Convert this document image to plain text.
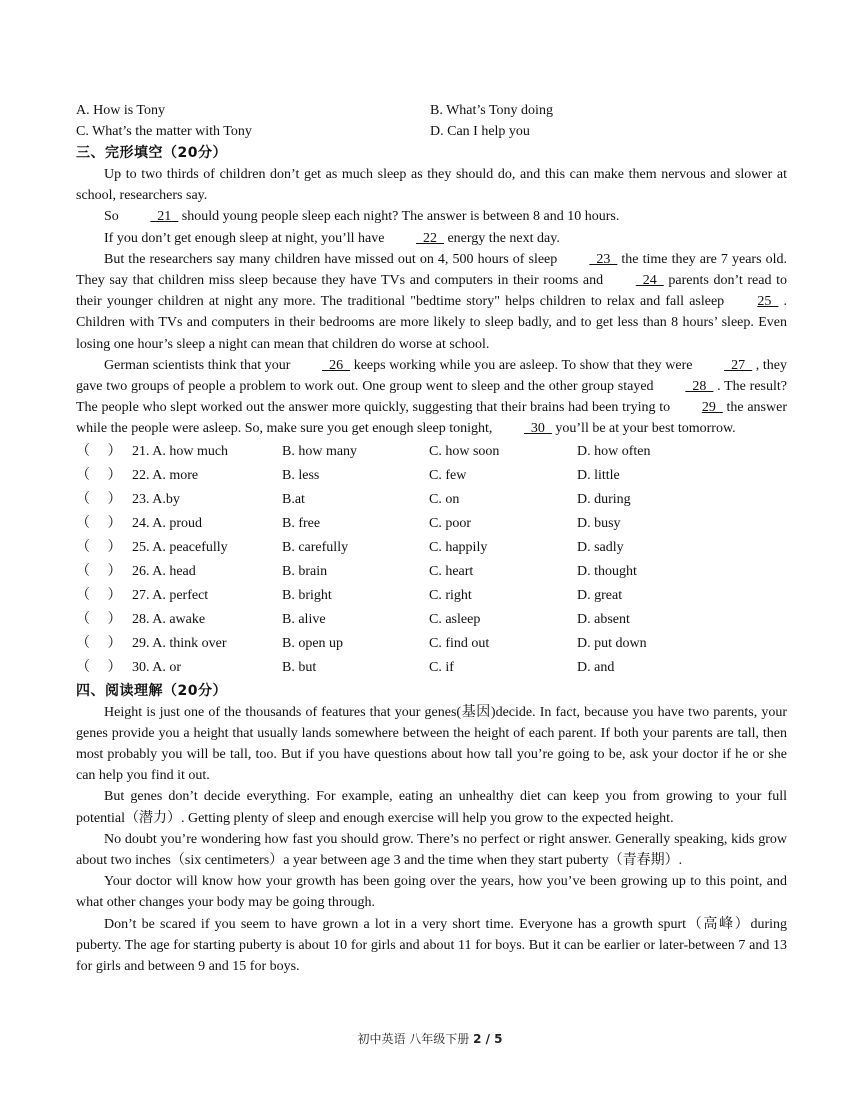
A. How is Tony	B. What’s Tony doing
C. What’s the matter with Tony	D. Can I help you
三、完形填空（20分）

Up to two thirds of children don’t get as much sleep as they should do, and this can make them nervous and slower at school, researchers say.

So   21   should young people sleep each night? The answer is between 8 and 10 hours.

If you don’t get enough sleep at night, you’ll have   22   energy the next day.

But the researchers say many children have missed out on 4, 500 hours of sleep   23   the time they are 7 years old. They say that children miss sleep because they have TVs and computers in their rooms and   24   parents don’t read to their younger children at night any more. The traditional "bedtime story" helps children to relax and fall asleep 25   . Children with TVs and computers in their bedrooms are more likely to sleep badly, and to get less than 8 hours’ sleep. Even losing one hour’s sleep a night can mean that children do worse at school.

German scientists think that your   26   keeps working while you are asleep. To show that they were   27   , they gave two groups of people a problem to work out. One group went to sleep and the other group stayed   28   . The result? The people who slept worked out the answer more quickly, suggesting that their brains had been trying to 29   the answer while the people were asleep. So, make sure you get enough sleep tonight,   30   you’ll be at your best tomorrow.

（     ） 21. A. how much	B. how many	C. how soon	D. how often
（     ） 22. A. more	B. less	C. few	D. little
（     ） 23. A.by	B.at	C. on	D. during
（     ） 24. A. proud	B. free	C. poor	D. busy
（     ） 25. A. peacefully	B. carefully	C. happily	D. sadly
（     ） 26. A. head	B. brain	C. heart	D. thought
（     ） 27. A. perfect	B. bright	C. right	D. great
（     ） 28. A. awake	B. alive	C. asleep	D. absent
（     ） 29. A. think over	B. open up	C. find out	D. put down
（     ） 30. A. or	B. but	C. if	D. and
四、阅读理解（20分）

Height is just one of the thousands of features that your genes(基因)decide. In fact, because you have two parents, your genes provide you a height that usually lands somewhere between the height of each parent. If both your parents are tall, then most probably you will be tall, too. But if you have questions about how tall you’re going to be, ask your doctor if he or she can help you find it out.

But genes don’t decide everything. For example, eating an unhealthy diet can keep you from growing to your full potential（潜力）. Getting plenty of sleep and enough exercise will help you grow to the expected height.

No doubt you’re wondering how fast you should grow. There’s no perfect or right answer. Generally speaking, kids grow about two inches（six centimeters）a year between age 3 and the time when they start puberty（青春期）.

Your doctor will know how your growth has been going over the years, how you’ve been growing up to this point, and what other changes your body may be going through.

Don’t be scared if you seem to have grown a lot in a very short time. Everyone has a growth spurt（高峰）during puberty. The age for starting puberty is about 10 for girls and about 11 for boys. But it can be earlier or later-between 7 and 13 for girls and between 9 and 15 for boys.

初中英语 八年级下册 2 / 5
